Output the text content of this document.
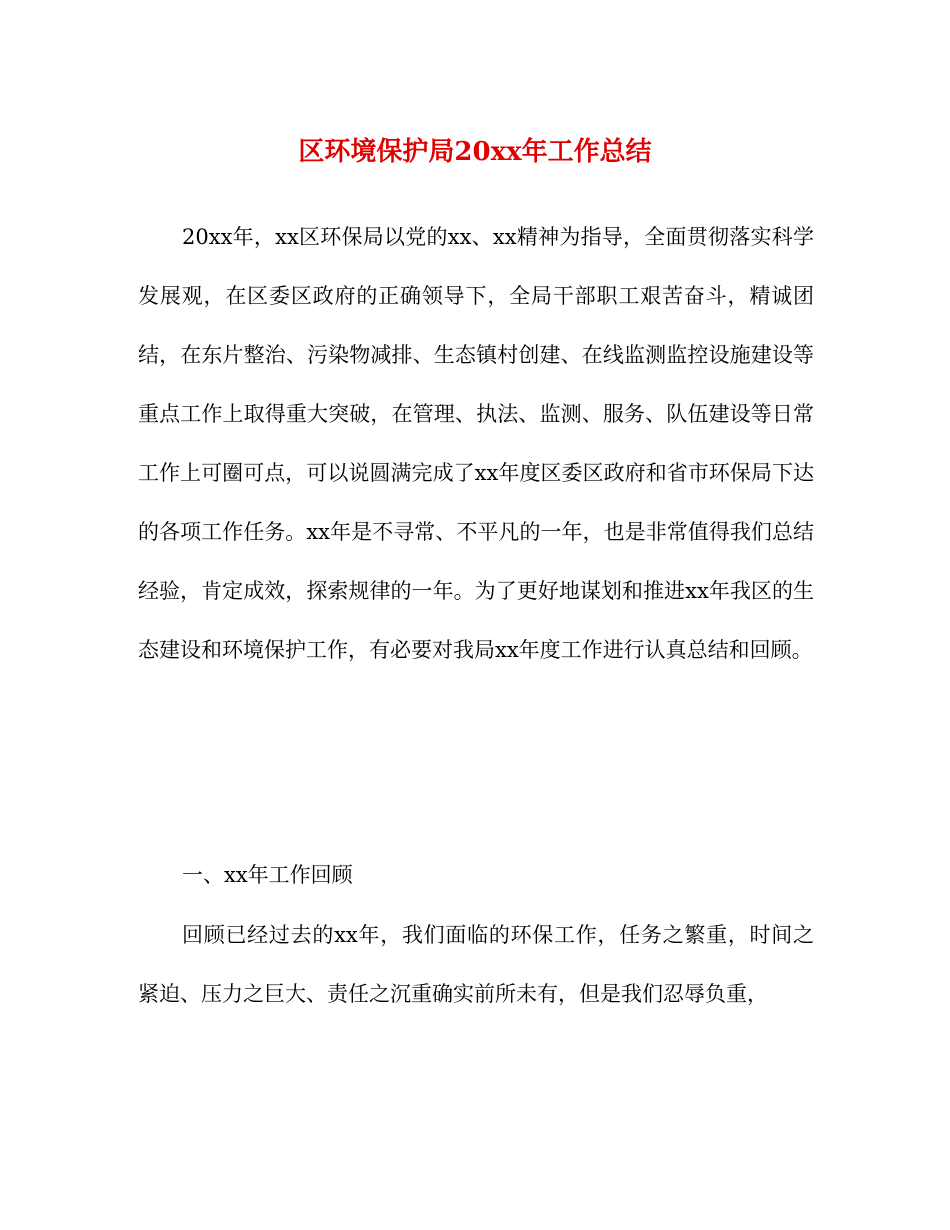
区环境保护局20xx年工作总结

20xx年，xx区环保局以党的xx、xx精神为指导，全面贯彻落实科学发展观，在区委区政府的正确领导下，全局干部职工艰苦奋斗，精诚团结，在东片整治、污染物减排、生态镇村创建、在线监测监控设施建设等重点工作上取得重大突破，在管理、执法、监测、服务、队伍建设等日常工作上可圈可点，可以说圆满完成了xx年度区委区政府和省市环保局下达的各项工作任务。xx年是不寻常、不平凡的一年，也是非常值得我们总结经验，肯定成效，探索规律的一年。为了更好地谋划和推进xx年我区的生态建设和环境保护工作，有必要对我局xx年度工作进行认真总结和回顾。

一、xx年工作回顾

回顾已经过去的xx年，我们面临的环保工作，任务之繁重，时间之紧迫、压力之巨大、责任之沉重确实前所未有，但是我们忍辱负重，
